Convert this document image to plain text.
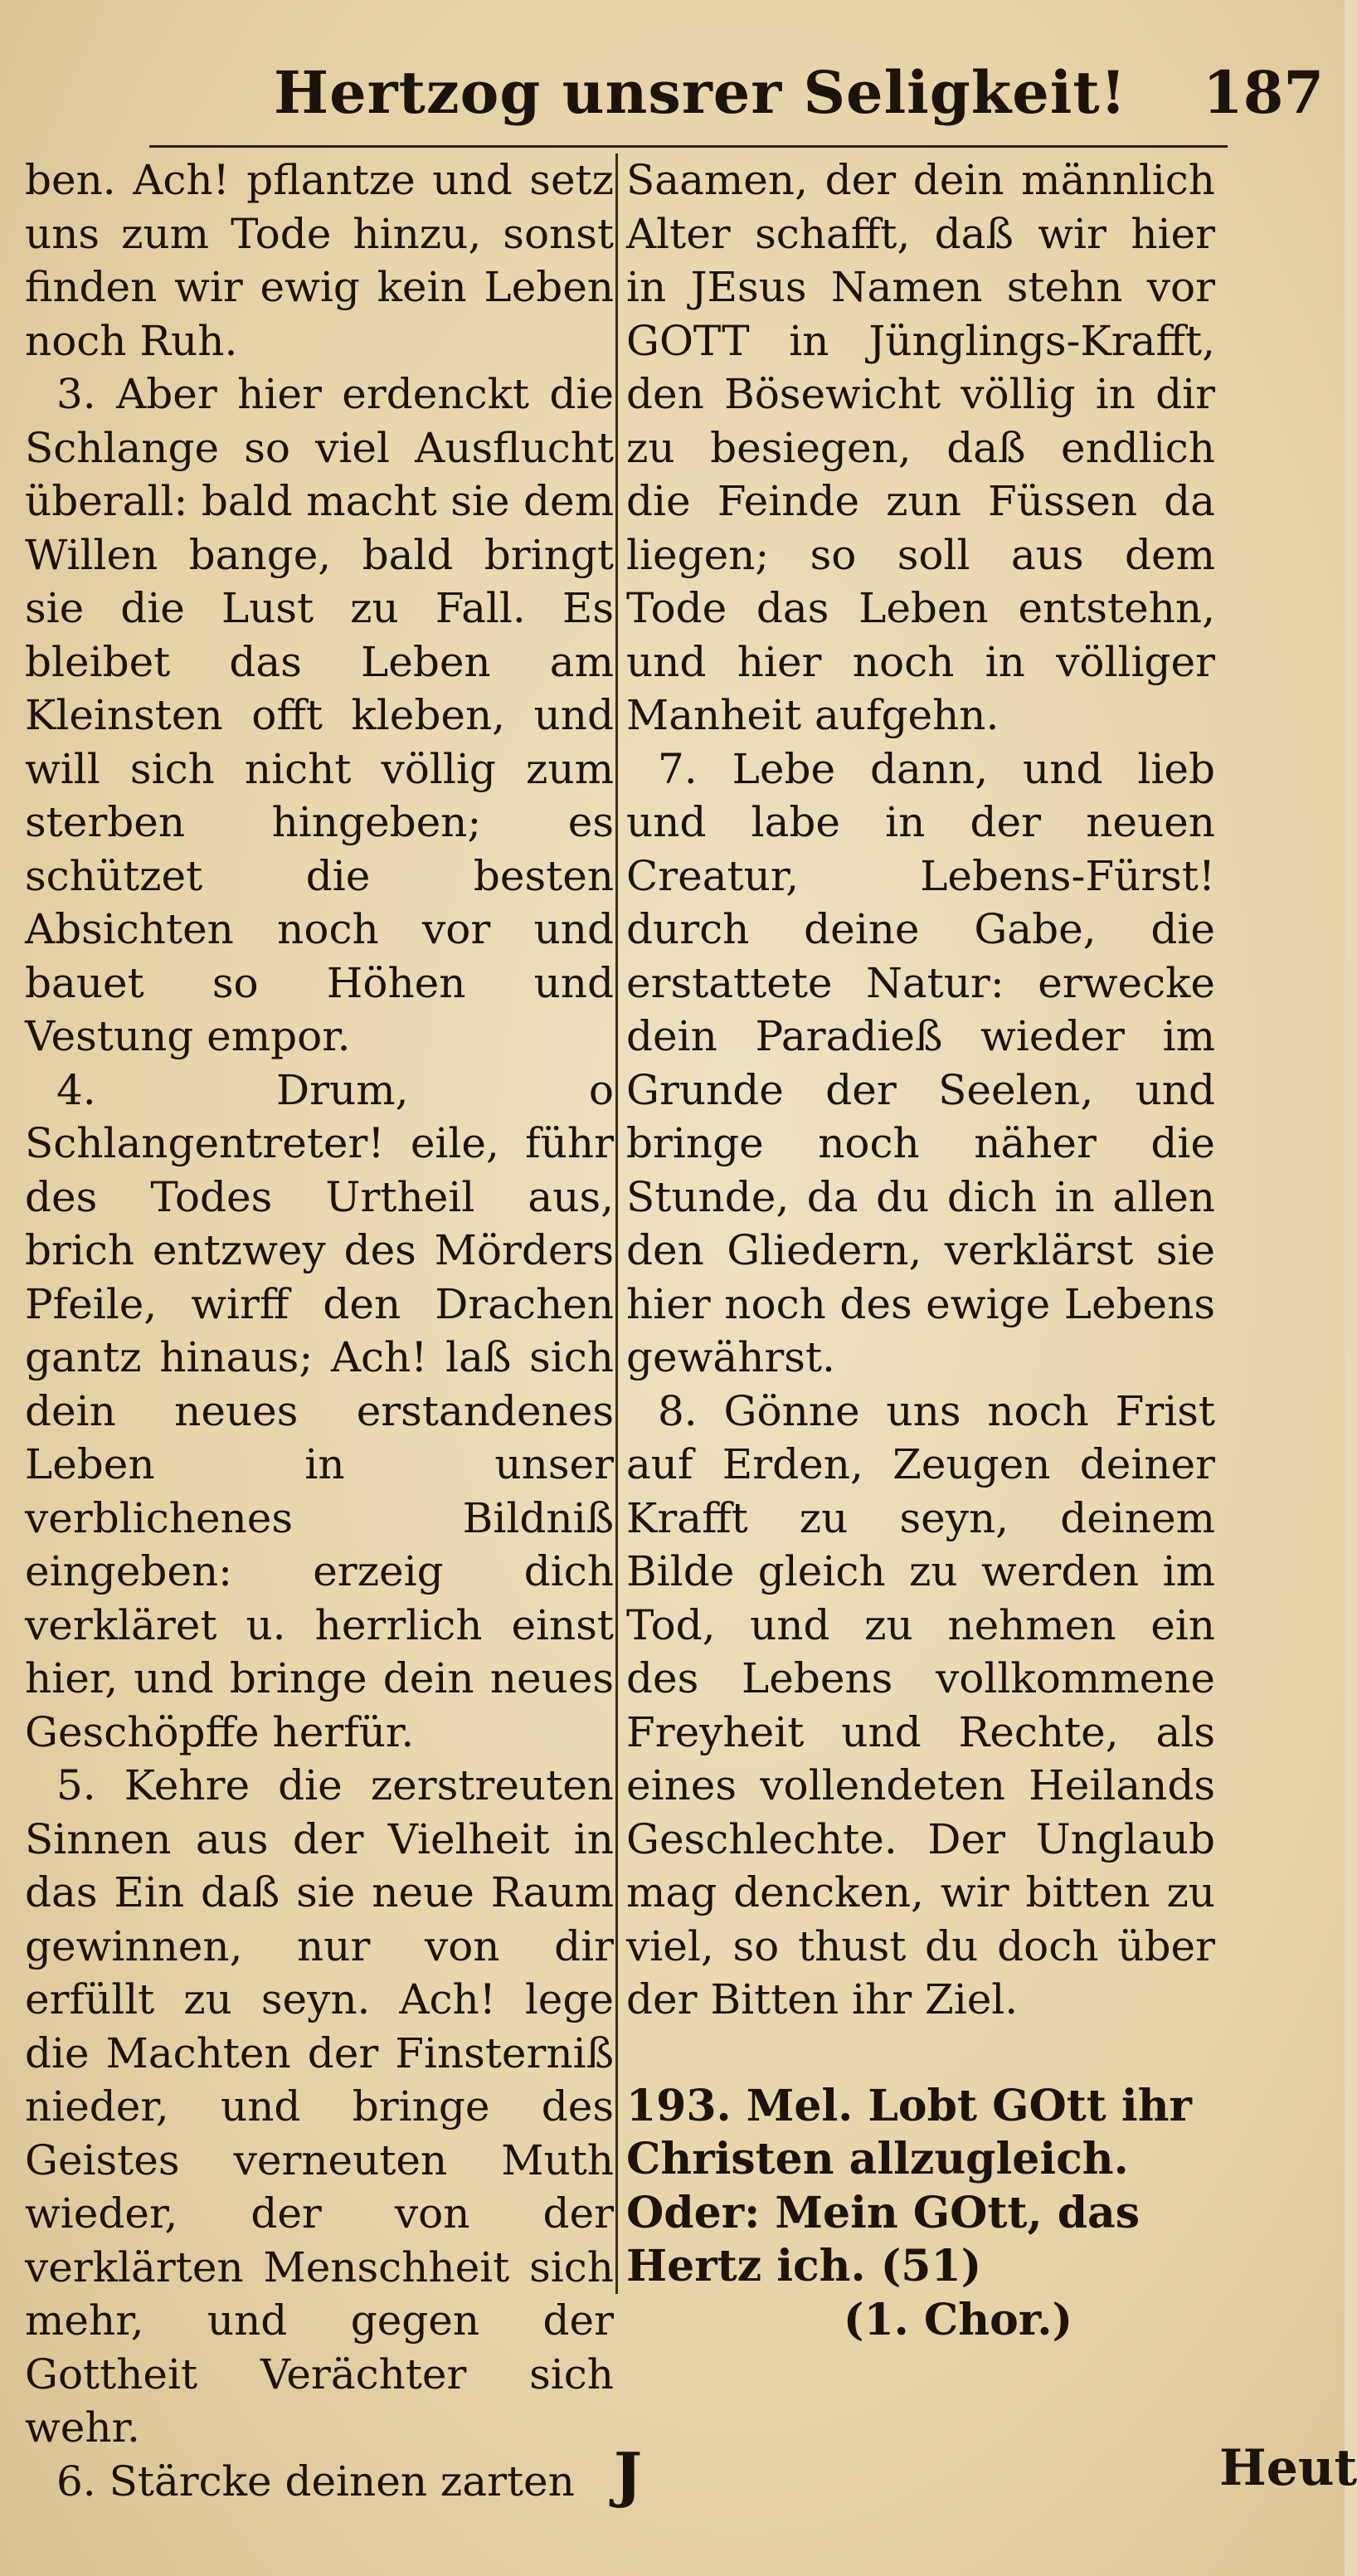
Hertzog unsrer Seligkeit! 187

ben. Ach! pflantze und setz uns zum Tode hinzu, sonst finden wir ewig kein Leben noch Ruh.

3. Aber hier erdenckt die Schlange so viel Ausflucht überall: bald macht sie dem Willen bange, bald bringt sie die Lust zu Fall. Es bleibet das Leben am Kleinsten offt kleben, und will sich nicht völlig zum sterben hingeben; es schützet die besten Absichten noch vor und bauet so Höhen und Vestung empor.

4. Drum, o Schlangentreter! eile, führ des Todes Urtheil aus, brich entzwey des Mörders Pfeile, wirff den Drachen gantz hinaus; Ach! laß sich dein neues erstandenes Leben in unser verblichenes Bildniß eingeben: erzeig dich verkläret u. herrlich einst hier, und bringe dein neues Geschöpffe herfür.

5. Kehre die zerstreuten Sinnen aus der Vielheit in das Ein daß sie neue Raum gewinnen, nur von dir erfüllt zu seyn. Ach! lege die Machten der Finsterniß nieder, und bringe des Geistes verneuten Muth wieder, der von der verklärten Menschheit sich mehr, und gegen der Gottheit Verächter sich wehr.

6. Stärcke deinen zarten

Saamen, der dein männlich Alter schafft, daß wir hier in JEsus Namen stehn vor GOTT in Jünglings-Krafft, den Bösewicht völlig in dir zu besiegen, daß endlich die Feinde zun Füssen da liegen; so soll aus dem Tode das Leben entstehn, und hier noch in völliger Manheit aufgehn.

7. Lebe dann, und lieb und labe in der neuen Creatur, Lebens-Fürst! durch deine Gabe, die erstattete Natur: erwecke dein Paradieß wieder im Grunde der Seelen, und bringe noch näher die Stunde, da du dich in allen den Gliedern, verklärst sie hier noch des ewige Lebens gewährst.

8. Gönne uns noch Frist auf Erden, Zeugen deiner Krafft zu seyn, deinem Bilde gleich zu werden im Tod, und zu nehmen ein des Lebens vollkommene Freyheit und Rechte, als eines vollendeten Heilands Geschlechte. Der Unglaub mag dencken, wir bitten zu viel, so thust du doch über der Bitten ihr Ziel.

193. Mel. Lobt GOtt ihr Christen allzugleich.
Oder: Mein GOtt, das Hertz ich. (51)
(1. Chor.)
J	Heut
